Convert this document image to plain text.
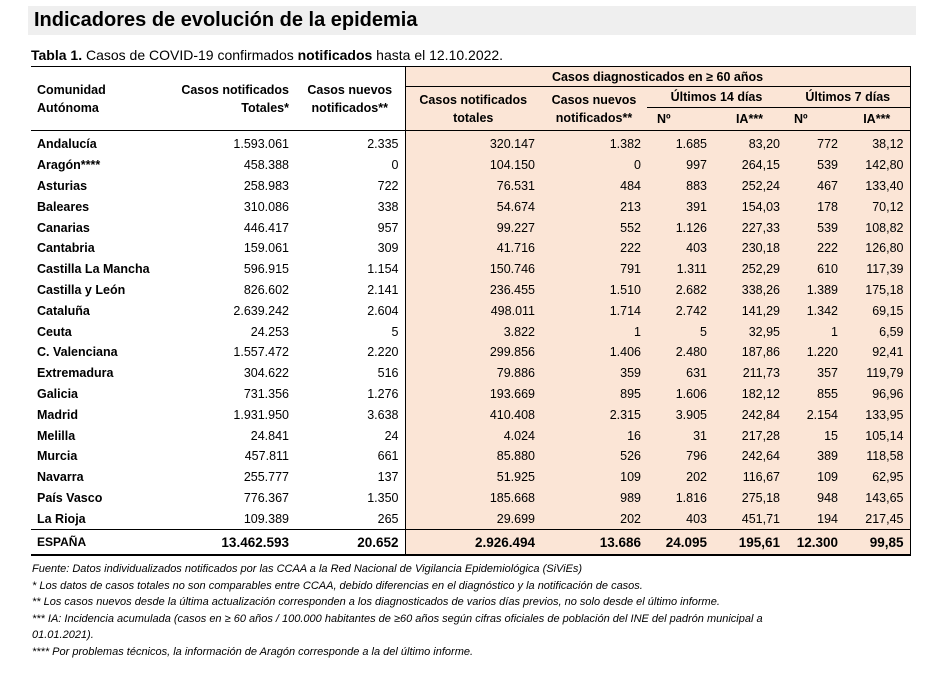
Indicadores de evolución de la epidemia
Tabla 1. Casos de COVID-19 confirmados notificados hasta el 12.10.2022.
Comunidad Autónoma	Casos notificados Totales*	Casos nuevos notificados**	Casos diagnosticados en ≥ 60 años					
			Casos notificados totales	Casos nuevos notificados**	Últimos 14 días		Últimos 7 días	
					Nº	IA***	Nº	IA***
Andalucía	1.593.061	2.335	320.147	1.382	1.685	83,20	772	38,12
Aragón****	458.388	0	104.150	0	997	264,15	539	142,80
Asturias	258.983	722	76.531	484	883	252,24	467	133,40
Baleares	310.086	338	54.674	213	391	154,03	178	70,12
Canarias	446.417	957	99.227	552	1.126	227,33	539	108,82
Cantabria	159.061	309	41.716	222	403	230,18	222	126,80
Castilla La Mancha	596.915	1.154	150.746	791	1.311	252,29	610	117,39
Castilla y León	826.602	2.141	236.455	1.510	2.682	338,26	1.389	175,18
Cataluña	2.639.242	2.604	498.011	1.714	2.742	141,29	1.342	69,15
Ceuta	24.253	5	3.822	1	5	32,95	1	6,59
C. Valenciana	1.557.472	2.220	299.856	1.406	2.480	187,86	1.220	92,41
Extremadura	304.622	516	79.886	359	631	211,73	357	119,79
Galicia	731.356	1.276	193.669	895	1.606	182,12	855	96,96
Madrid	1.931.950	3.638	410.408	2.315	3.905	242,84	2.154	133,95
Melilla	24.841	24	4.024	16	31	217,28	15	105,14
Murcia	457.811	661	85.880	526	796	242,64	389	118,58
Navarra	255.777	137	51.925	109	202	116,67	109	62,95
País Vasco	776.367	1.350	185.668	989	1.816	275,18	948	143,65
La Rioja	109.389	265	29.699	202	403	451,71	194	217,45
ESPAÑA	13.462.593	20.652	2.926.494	13.686	24.095	195,61	12.300	99,85
Fuente: Datos individualizados notificados por las CCAA a la Red Nacional de Vigilancia Epidemiológica (SiViEs)
* Los datos de casos totales no son comparables entre CCAA, debido diferencias en el diagnóstico y la notificación de casos.
** Los casos nuevos desde la última actualización corresponden a los diagnosticados de varios días previos, no solo desde el último informe.
*** IA: Incidencia acumulada (casos en ≥ 60 años / 100.000 habitantes de ≥60 años según cifras oficiales de población del INE del padrón municipal a
01.01.2021).
**** Por problemas técnicos, la información de Aragón corresponde a la del último informe.
